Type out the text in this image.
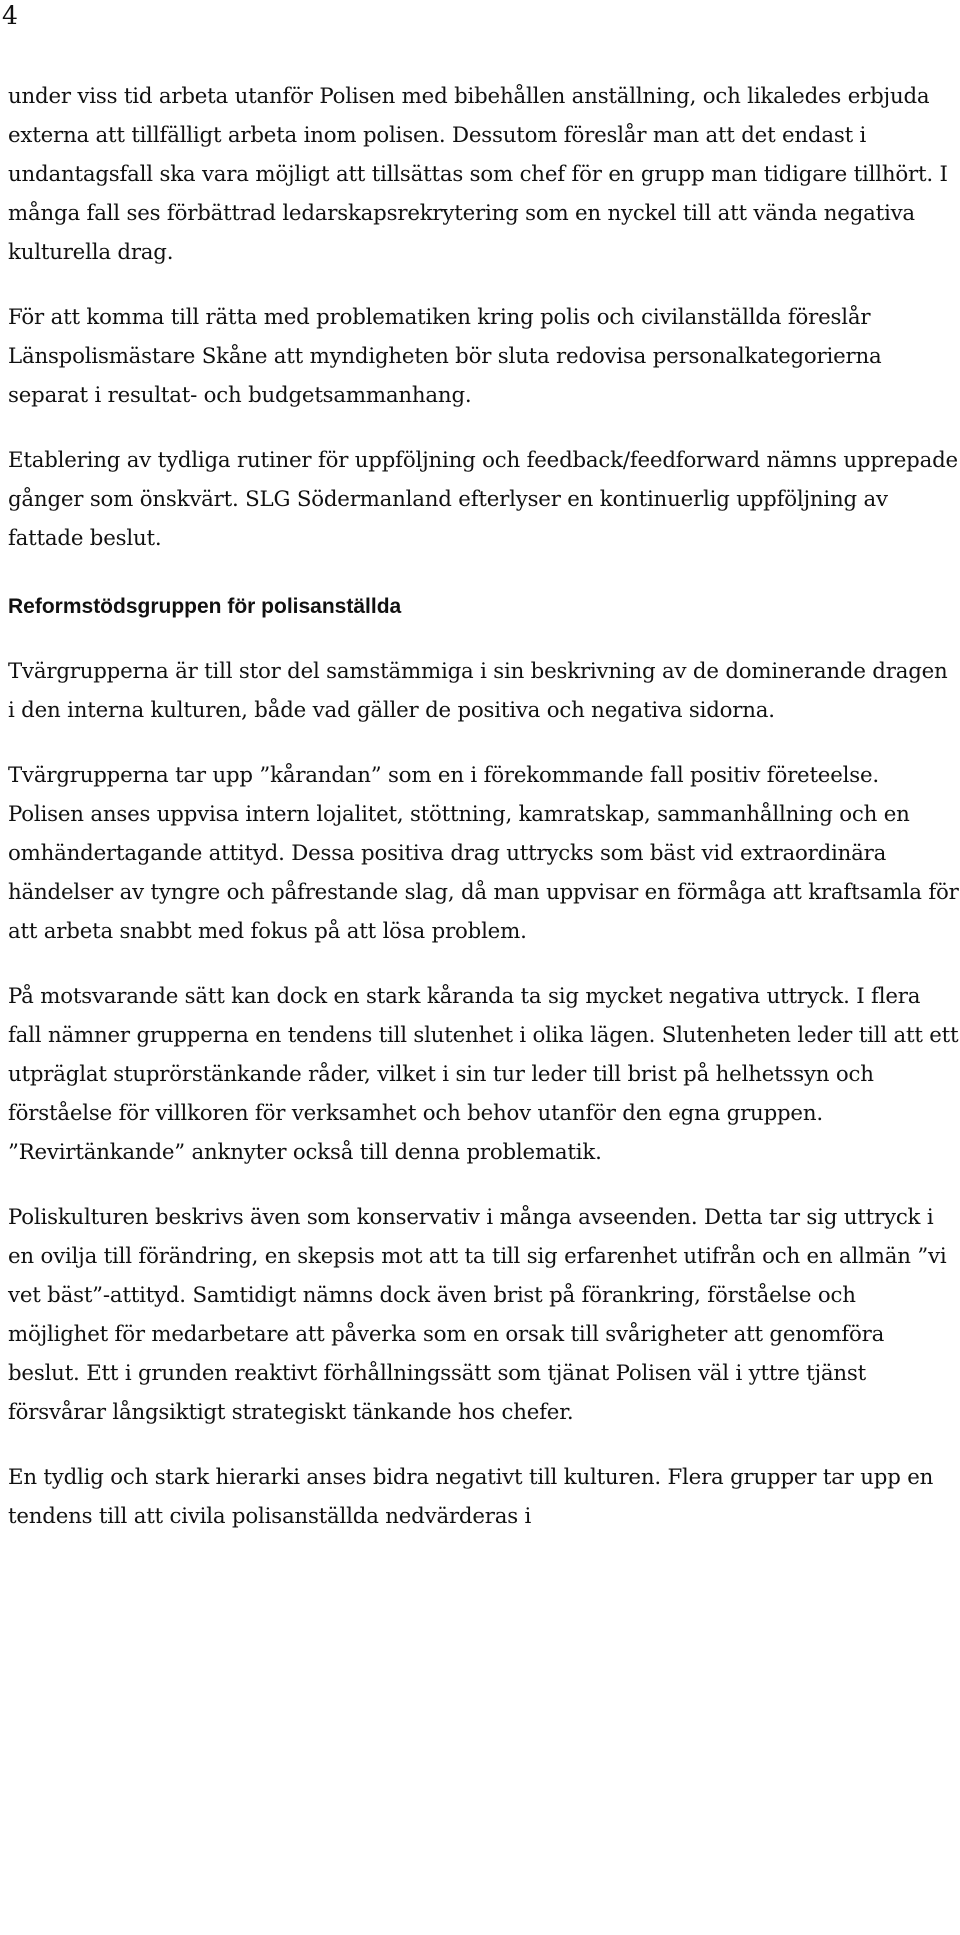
4

under viss tid arbeta utanför Polisen med bibehållen anställning, och likaledes erbjuda externa att tillfälligt arbeta inom polisen. Dessutom föreslår man att det endast i undantagsfall ska vara möjligt att tillsättas som chef för en grupp man tidigare tillhört. I många fall ses förbättrad ledarskapsrekrytering som en nyckel till att vända negativa kulturella drag.

För att komma till rätta med problematiken kring polis och civilanställda föreslår Länspolismästare Skåne att myndigheten bör sluta redovisa personalkategorierna separat i resultat- och budgetsammanhang.

Etablering av tydliga rutiner för uppföljning och feedback/feedforward nämns upprepade gånger som önskvärt. SLG Södermanland efterlyser en kontinuerlig uppföljning av fattade beslut.

Reformstödsgruppen för polisanställda

Tvärgrupperna är till stor del samstämmiga i sin beskrivning av de dominerande dragen i den interna kulturen, både vad gäller de positiva och negativa sidorna.

Tvärgrupperna tar upp ”kårandan” som en i förekommande fall positiv företeelse. Polisen anses uppvisa intern lojalitet, stöttning, kamratskap, sammanhållning och en omhändertagande attityd. Dessa positiva drag uttrycks som bäst vid extraordinära händelser av tyngre och påfrestande slag, då man uppvisar en förmåga att kraftsamla för att arbeta snabbt med fokus på att lösa problem.

På motsvarande sätt kan dock en stark kåranda ta sig mycket negativa uttryck. I flera fall nämner grupperna en tendens till slutenhet i olika lägen. Slutenheten leder till att ett utpräglat stuprörstänkande råder, vilket i sin tur leder till brist på helhetssyn och förståelse för villkoren för verksamhet och behov utanför den egna gruppen. ”Revirtänkande” anknyter också till denna problematik.

Poliskulturen beskrivs även som konservativ i många avseenden. Detta tar sig uttryck i en ovilja till förändring, en skepsis mot att ta till sig erfarenhet utifrån och en allmän ”vi vet bäst”-attityd. Samtidigt nämns dock även brist på förankring, förståelse och möjlighet för medarbetare att påverka som en orsak till svårigheter att genomföra beslut. Ett i grunden reaktivt förhållningssätt som tjänat Polisen väl i yttre tjänst försvårar långsiktigt strategiskt tänkande hos chefer.

En tydlig och stark hierarki anses bidra negativt till kulturen. Flera grupper tar upp en tendens till att civila polisanställda nedvärderas i
